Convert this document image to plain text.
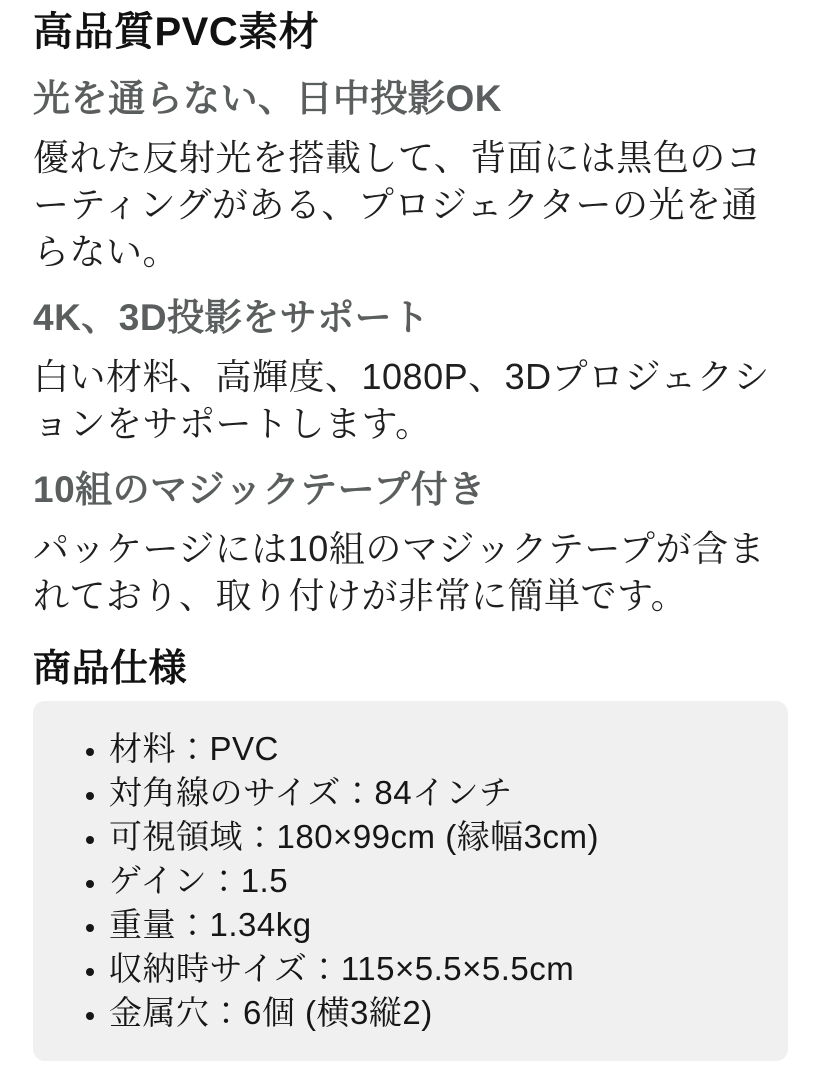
高品質PVC素材
光を通らない、日中投影OK

優れた反射光を搭載して、背面には黒色のコーティングがある、プロジェクターの光を通らない。

4K、3D投影をサポート

白い材料、高輝度、1080P、3Dプロジェクションをサポートします。

10組のマジックテープ付き

パッケージには10組のマジックテープが含まれており、取り付けが非常に簡単です。

商品仕様
• 材料：PVC
• 対角線のサイズ：84インチ
• 可視領域：180×99cm (縁幅3cm)
• ゲイン：1.5
• 重量：1.34kg
• 収納時サイズ：115×5.5×5.5cm
• 金属穴：6個 (横3縦2)
